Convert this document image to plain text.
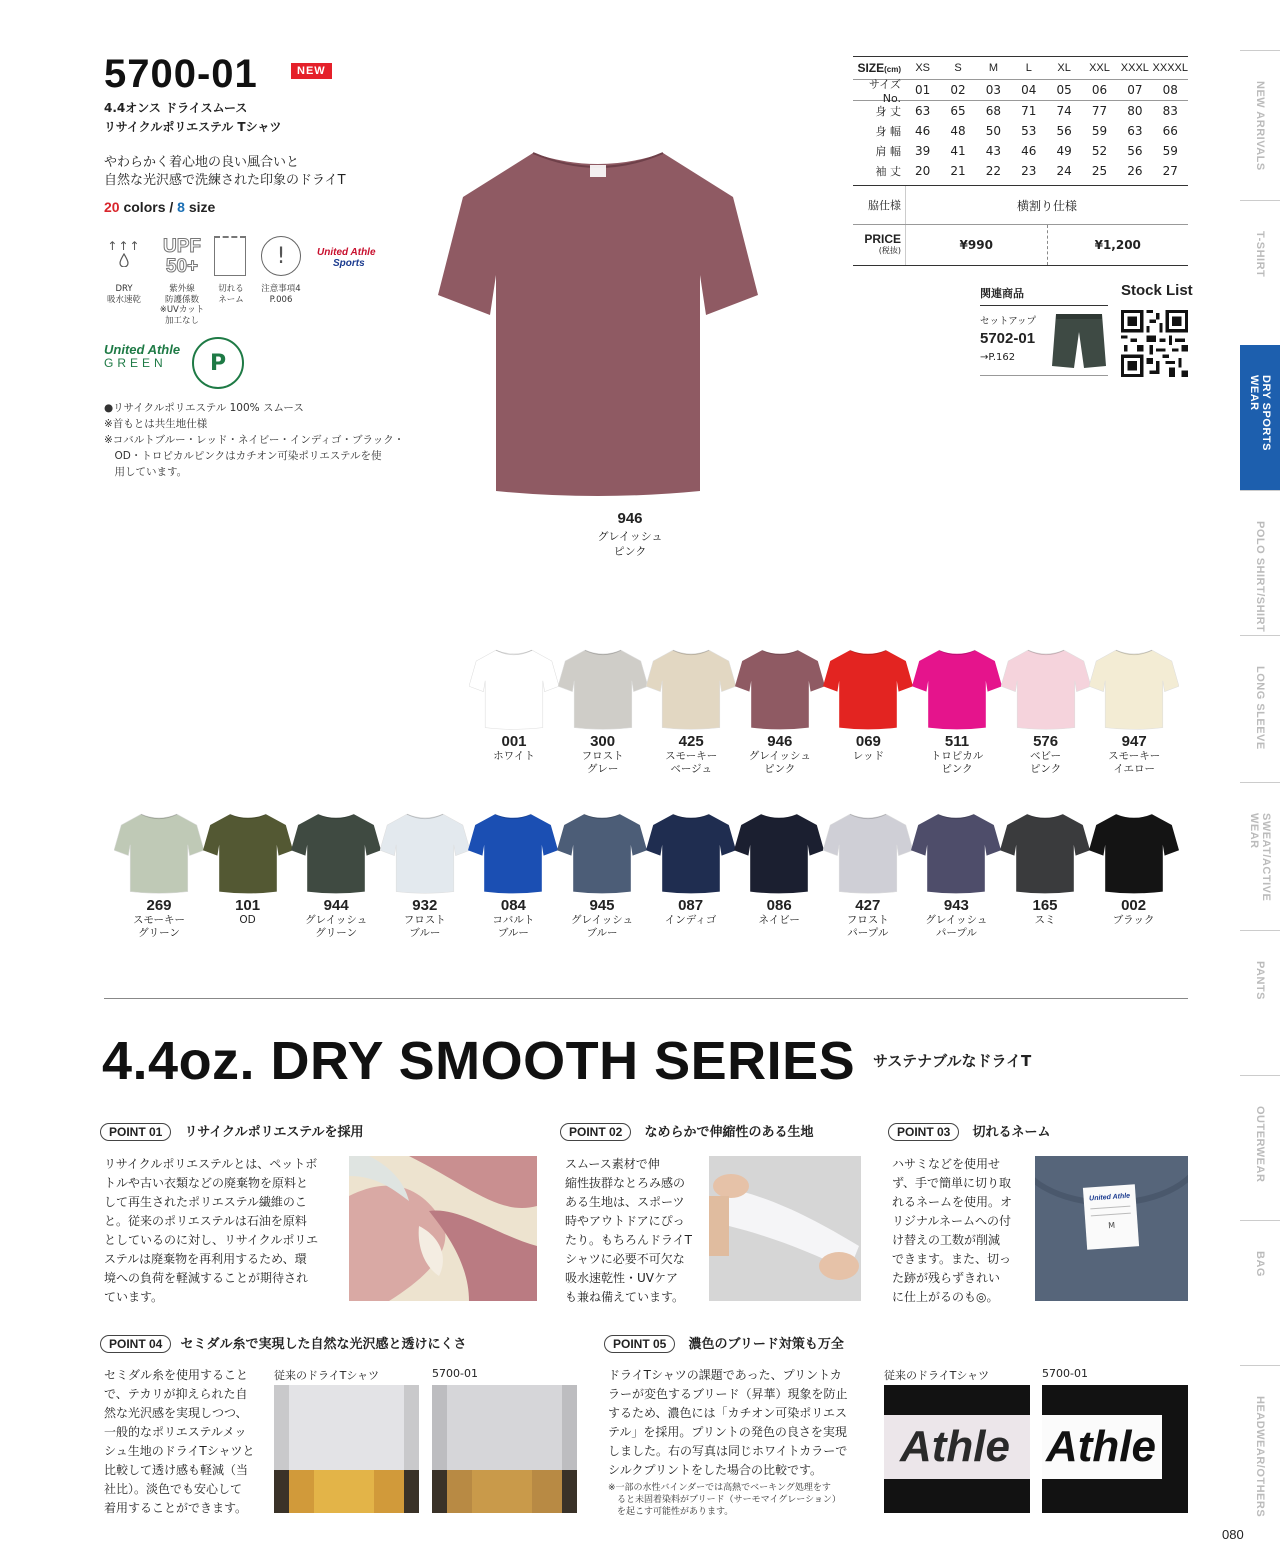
5700-01	NEW
4.4オンス ドライスムース
リサイクルポリエステル Tシャツ
やわらかく着心地の良い風合いと
自然な光沢感で洗練された印象のドライT
20 colors / 8 size
↑↑↑
DRY
吸水速乾
UPF
50+
紫外線
防護係数
※UVカット
加工なし
切れる
ネーム
!
注意事項4
P.006
United Athle
Sports
United Athle
GREEN	P
●リサイクルポリエステル 100% スムース
※首もとは共生地仕様
※コバルトブルー・レッド・ネイビー・インディゴ・ブラック・
　OD・トロピカルピンクはカチオン可染ポリエステルを使
　用しています。
946
グレイッシュ
ピンク
SIZE(cm)	XS	S	M	L	XL	XXL XXXL XXXXL
サイズNo.
01	02	03	04	05	06	07	08
身 丈	63	65	68	71	74	77	80	83
身 幅	46	48	50	53	56	59	63	66
肩 幅	39	41	43	46	49	52	56	59
袖 丈	20	21	22	23	24	25	26	27
脇仕様	横割り仕様
PRICE
(税抜)	¥990	¥1,200
関連商品
セットアップ
5702-01
→P.162
Stock List
001
ホワイト
300
フロスト
グレー
425
スモーキー
ベージュ
946
グレイッシュ
ピンク
069
レッド
511
トロピカル
ピンク
576
ベビー
ピンク
947
スモーキー
イエロー
269
スモーキー
グリーン
101
OD
944
グレイッシュ
グリーン
932
フロスト
ブルー
084
コバルト
ブルー
945
グレイッシュ
ブルー
087
インディゴ
086
ネイビー
427
フロスト
パープル
943
グレイッシュ
パープル
165
スミ
002
ブラック
4.4oz. DRY SMOOTH SERIES サステナブルなドライT
POINT 01 リサイクルポリエステルを採用
リサイクルポリエステルとは、ペットボ
トルや古い衣類などの廃棄物を原料と
して再生されたポリエステル繊維のこ
と。従来のポリエステルは石油を原料
としているのに対し、リサイクルポリエ
ステルは廃棄物を再利用するため、環
境への負荷を軽減することが期待され
ています。
POINT 02 なめらかで伸縮性のある生地
スムース素材で伸
縮性抜群なとろみ感の
ある生地は、スポーツ
時やアウトドアにぴっ
たり。もちろんドライT
シャツに必要不可欠な
吸水速乾性・UVケア
も兼ね備えています。
POINT 03 切れるネーム
ハサミなどを使用せ
ず、手で簡単に切り取
れるネームを使用。オ
リジナルネームへの付
け替えの工数が削減
できます。また、切っ
た跡が残らずきれい
に仕上がるのも◎。
United Athle
M
POINT 04 セミダル糸で実現した自然な光沢感と透けにくさ
セミダル糸を使用すること
で、テカリが抑えられた自
然な光沢感を実現しつつ、
一般的なポリエステルメッ
シュ生地のドライTシャツと
比較して透け感も軽減（当
社比）。淡色でも安心して
着用することができます。
従来のドライTシャツ	5700-01
POINT 05 濃色のブリード対策も万全
ドライTシャツの課題であった、プリントカ
ラーが変色するブリード（昇華）現象を防止
するため、濃色には「カチオン可染ポリエス
テル」を採用。プリントの発色の良さを実現
しました。右の写真は同じホワイトカラーで
シルクプリントをした場合の比較です。
※一部の水性バインダーでは高熱でベーキング処理をす
　ると未固着染料がブリード（サーモマイグレーション）
　を起こす可能性があります。
従来のドライTシャツ	5700-01
Athle Athle
NEW ARRIVALS
T-SHIRT
DRY SPORTS WEAR
POLO SHIRT/SHIRT
LONG SLEEVE
SWEAT/ACTIVE WEAR
PANTS
OUTERWEAR
BAG
HEADWEAR/OTHERS
080
